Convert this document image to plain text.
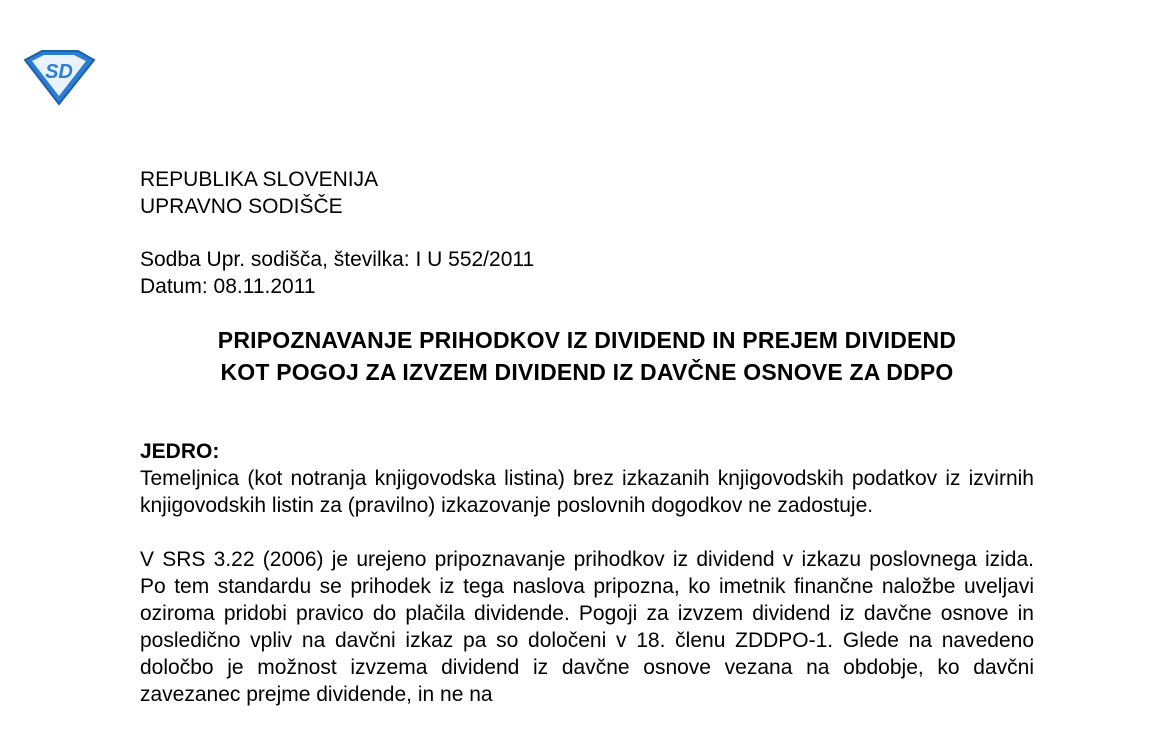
SD
REPUBLIKA SLOVENIJA
UPRAVNO SODIŠČE
Sodba Upr. sodišča, številka: I U 552/2011
Datum: 08.11.2011
PRIPOZNAVANJE PRIHODKOV IZ DIVIDEND IN PREJEM DIVIDEND
KOT POGOJ ZA IZVZEM DIVIDEND IZ DAVČNE OSNOVE ZA DDPO
JEDRO:

Temeljnica (kot notranja knjigovodska listina) brez izkazanih knjigovodskih podatkov iz izvirnih knjigovodskih listin za (pravilno) izkazovanje poslovnih dogodkov ne zadostuje.

V SRS 3.22 (2006) je urejeno pripoznavanje prihodkov iz dividend v izkazu poslovnega izida. Po tem standardu se prihodek iz tega naslova pripozna, ko imetnik finančne naložbe uveljavi oziroma pridobi pravico do plačila dividende. Pogoji za izvzem dividend iz davčne osnove in posledično vpliv na davčni izkaz pa so določeni v 18. členu ZDDPO-1. Glede na navedeno določbo je možnost izvzema dividend iz davčne osnove vezana na obdobje, ko davčni zavezanec prejme dividende, in ne na
